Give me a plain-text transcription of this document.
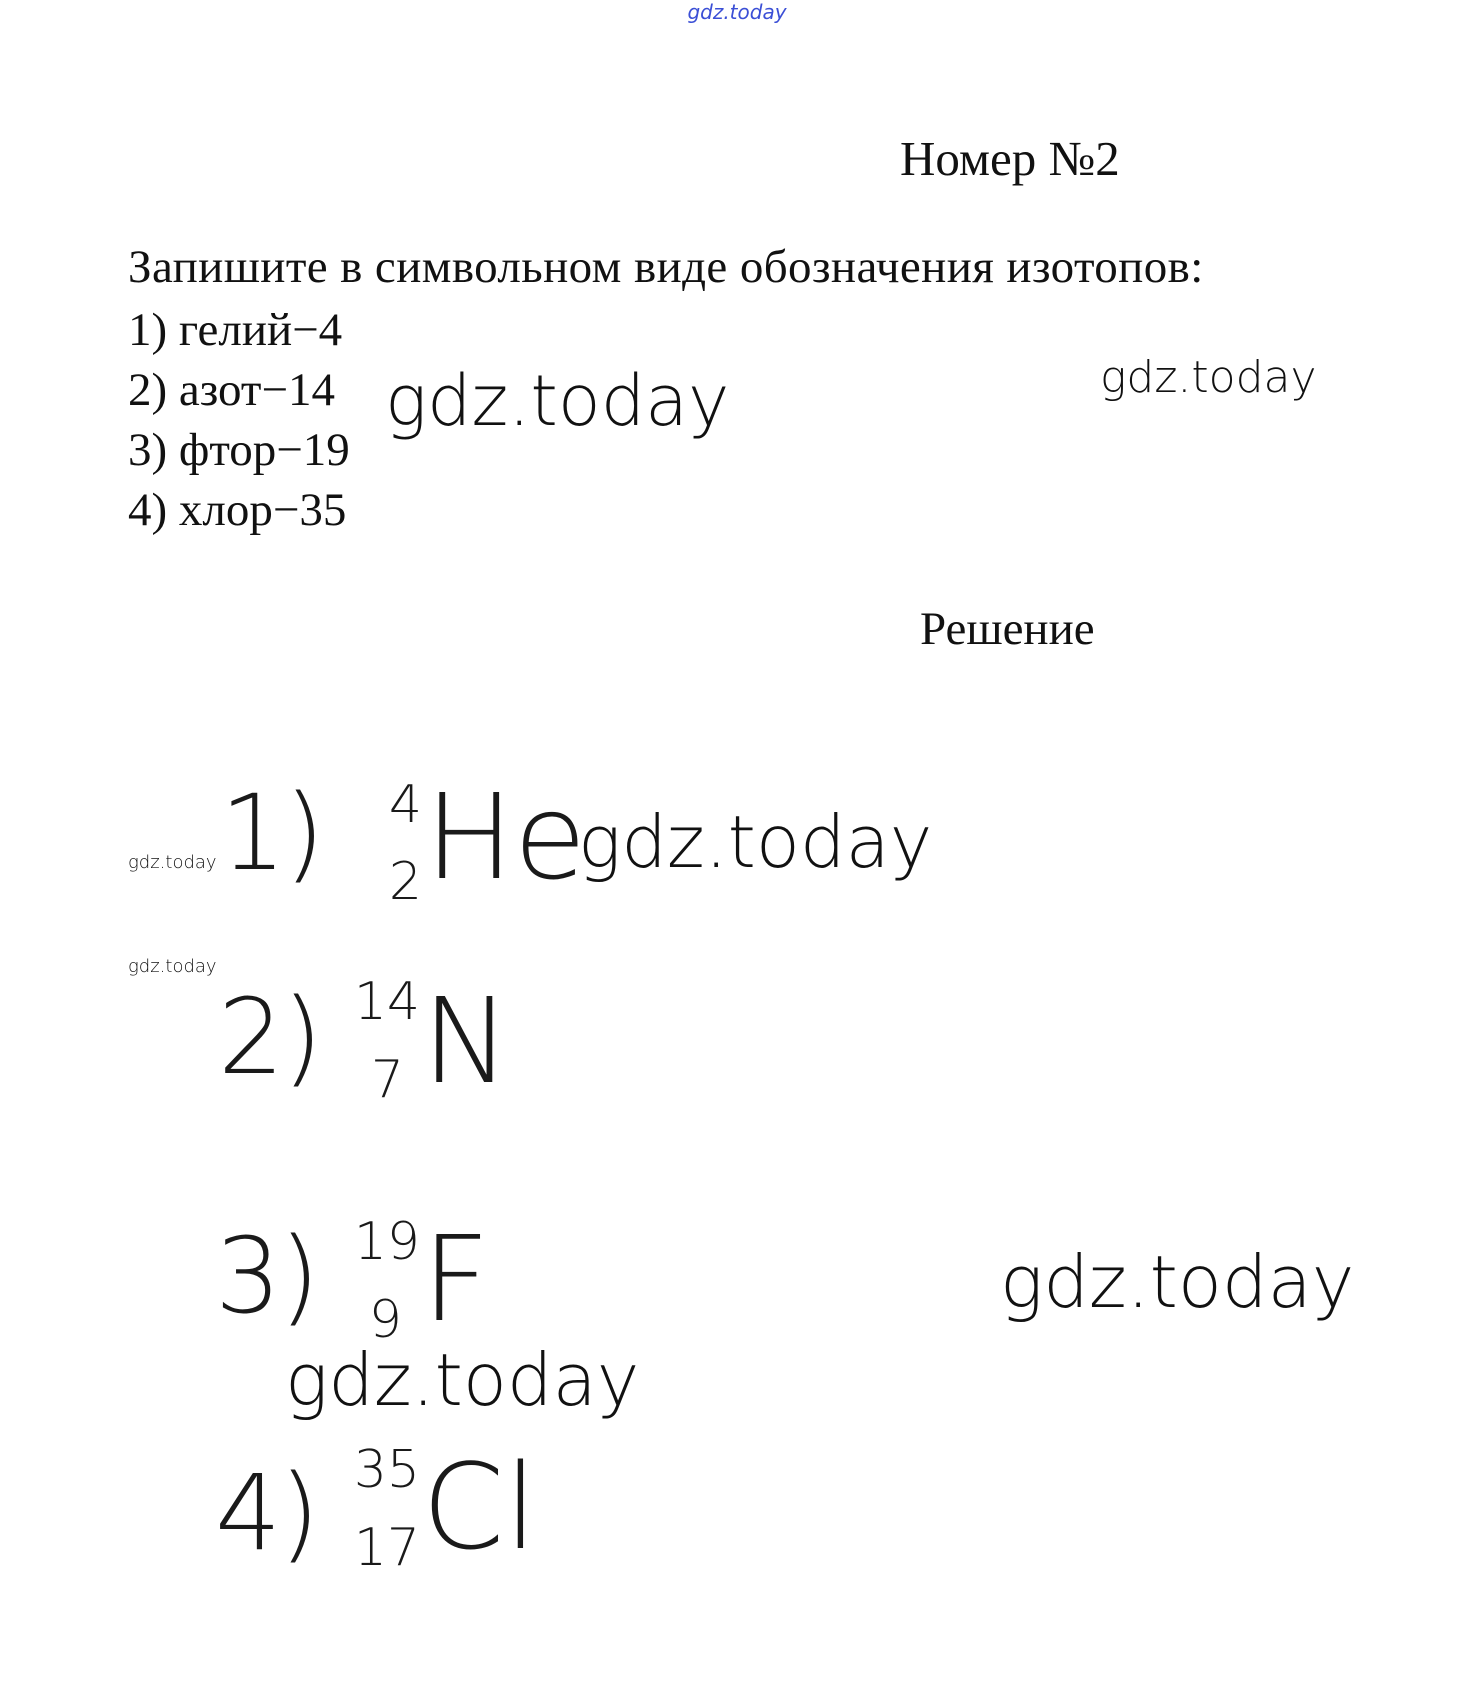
gdz.today
Номер №2
Запишите в символьном виде обозначения изотопов:
1) гелий−4
2) азот−14
3) фтор−19
4) хлор−35
gdz.today	gdz.today
Решение
1) 4
2 He
gdz.today
gdz.today
gdz.today
2) 14
7 N
3) 19
9 F	gdz.today
gdz.today
4) 35
17 Cl
